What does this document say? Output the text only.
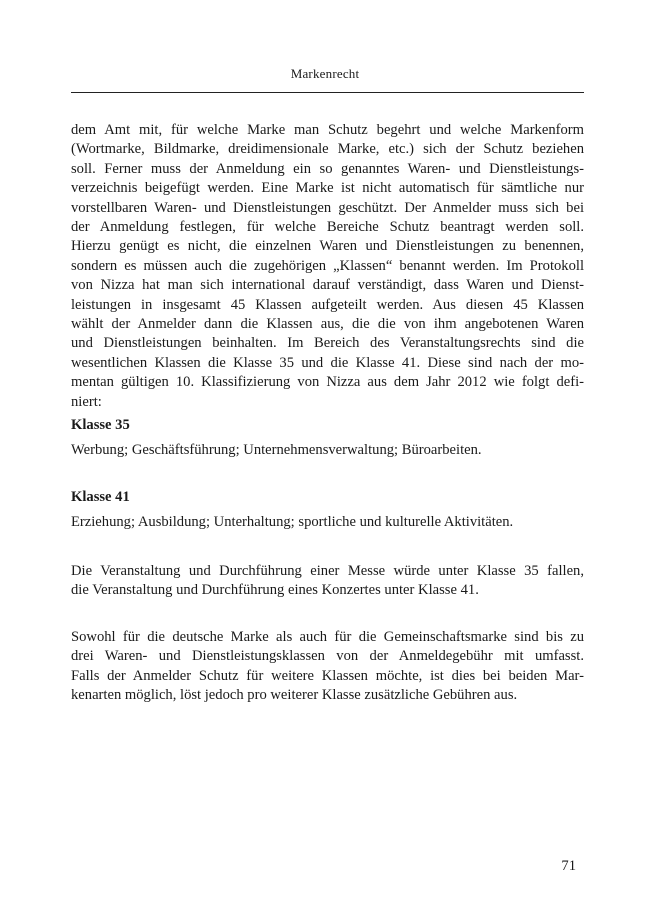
Markenrecht
dem Amt mit, für welche Marke man Schutz begehrt und welche Markenform
(Wortmarke, Bildmarke, dreidimensionale Marke, etc.) sich der Schutz beziehen
soll. Ferner muss der Anmeldung ein so genanntes Waren- und Dienstleistungs-
verzeichnis beigefügt werden. Eine Marke ist nicht automatisch für sämtliche nur
vorstellbaren Waren- und Dienstleistungen geschützt. Der Anmelder muss sich bei
der Anmeldung festlegen, für welche Bereiche Schutz beantragt werden soll.
Hierzu genügt es nicht, die einzelnen Waren und Dienstleistungen zu benennen,
sondern es müssen auch die zugehörigen „Klassen“ benannt werden. Im Protokoll
von Nizza hat man sich international darauf verständigt, dass Waren und Dienst-
leistungen in insgesamt 45 Klassen aufgeteilt werden. Aus diesen 45 Klassen
wählt der Anmelder dann die Klassen aus, die die von ihm angebotenen Waren
und Dienstleistungen beinhalten. Im Bereich des Veranstaltungsrechts sind die
wesentlichen Klassen die Klasse 35 und die Klasse 41. Diese sind nach der mo-
mentan gültigen 10. Klassifizierung von Nizza aus dem Jahr 2012 wie folgt defi-
niert:
Klasse 35
Werbung; Geschäftsführung; Unternehmensverwaltung; Büroarbeiten.
Klasse 41
Erziehung; Ausbildung; Unterhaltung; sportliche und kulturelle Aktivitäten.
Die Veranstaltung und Durchführung einer Messe würde unter Klasse 35 fallen,
die Veranstaltung und Durchführung eines Konzertes unter Klasse 41.
Sowohl für die deutsche Marke als auch für die Gemeinschaftsmarke sind bis zu
drei Waren- und Dienstleistungsklassen von der Anmeldegebühr mit umfasst.
Falls der Anmelder Schutz für weitere Klassen möchte, ist dies bei beiden Mar-
kenarten möglich, löst jedoch pro weiterer Klasse zusätzliche Gebühren aus.
71
